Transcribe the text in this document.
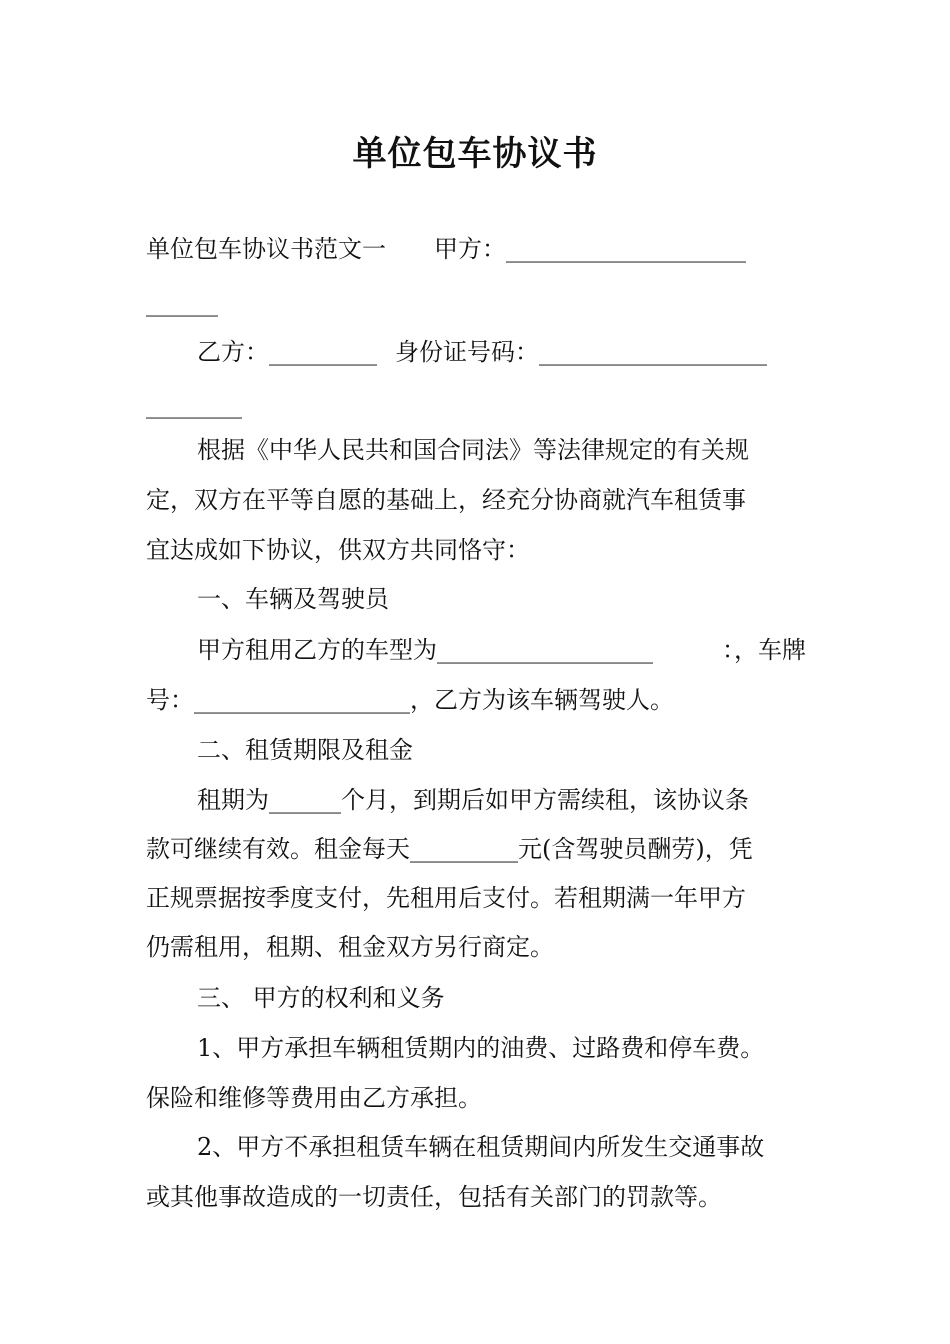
单位包车协议书
单位包车协议书范文一　　甲方：____________________
______
乙方：_________ 身份证号码：___________________
________
根据《中华人民共和国合同法》等法律规定的有关规
定，双方在平等自愿的基础上，经充分协商就汽车租赁事
宜达成如下协议，供双方共同恪守：
一、车辆及驾驶员
甲方租用乙方的车型为__________________	：，车牌
号：__________________，乙方为该车辆驾驶人。
二、租赁期限及租金
租期为______个月，到期后如甲方需续租，该协议条
款可继续有效。租金每天_________元(含驾驶员酬劳)，凭
正规票据按季度支付，先租用后支付。若租期满一年甲方
仍需租用，租期、租金双方另行商定。
三、 甲方的权利和义务
1、甲方承担车辆租赁期内的油费、过路费和停车费。
保险和维修等费用由乙方承担。
2、甲方不承担租赁车辆在租赁期间内所发生交通事故
或其他事故造成的一切责任，包括有关部门的罚款等。
